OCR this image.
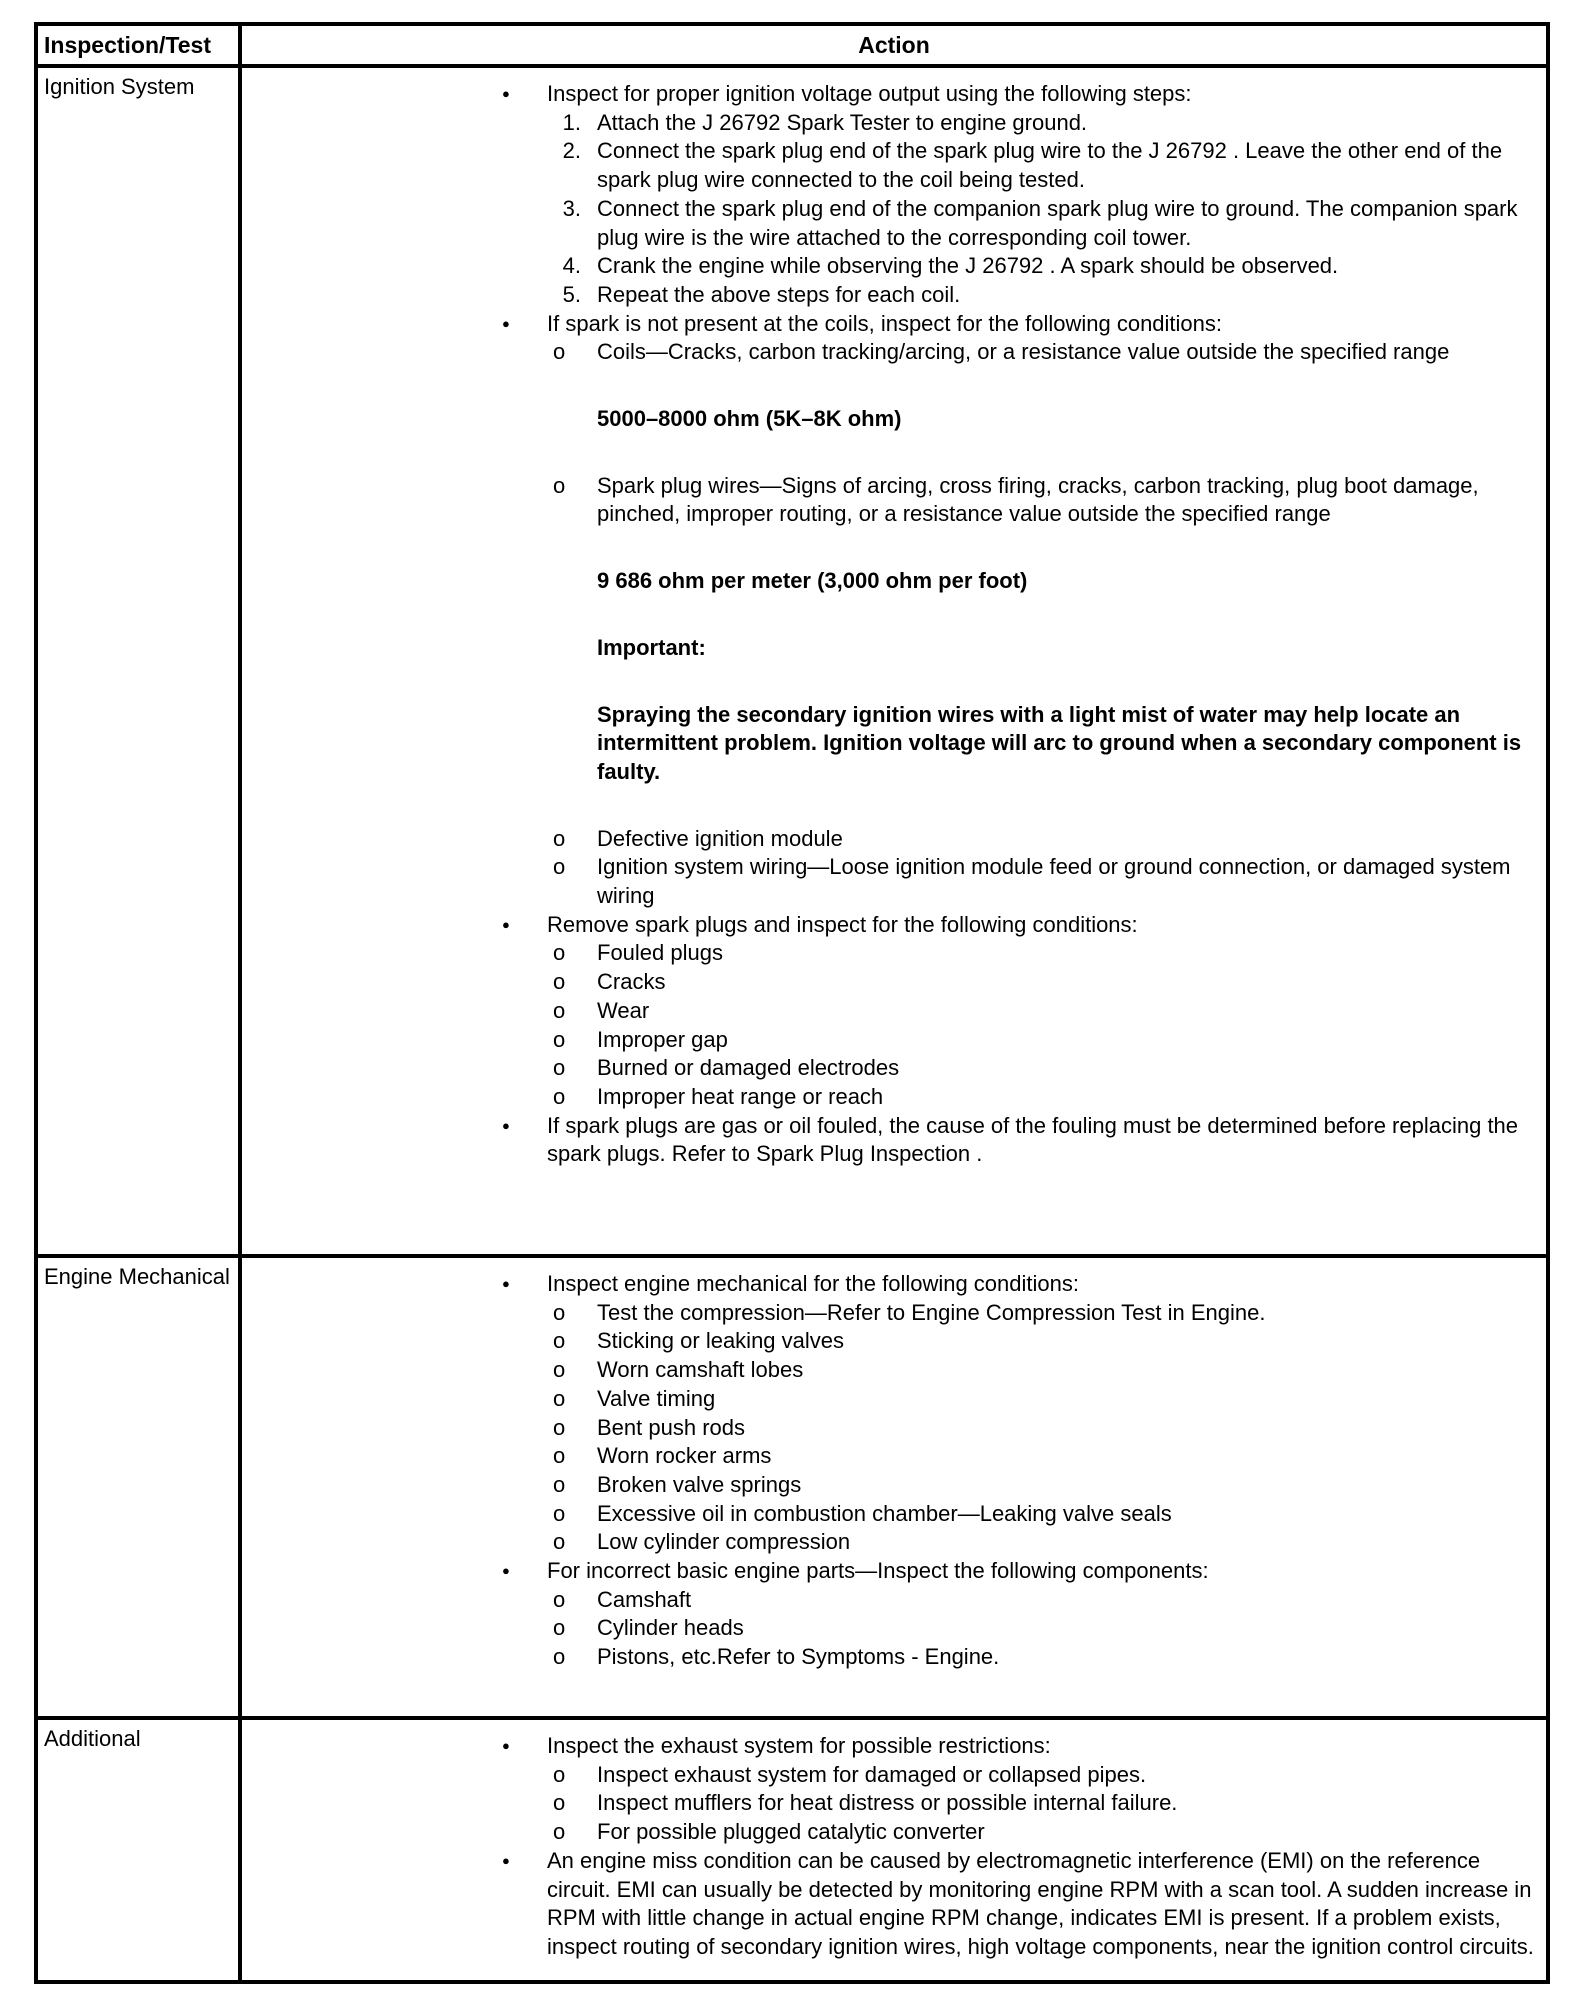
Inspection/Test	Action
Ignition System	● Inspect for proper ignition voltage output using the following steps:
1. Attach the J 26792 Spark Tester to engine ground.
2. Connect the spark plug end of the spark plug wire to the J 26792 . Leave the other end of the spark plug wire connected to the coil being tested.
3. Connect the spark plug end of the companion spark plug wire to ground. The companion spark plug wire is the wire attached to the corresponding coil tower.
4. Crank the engine while observing the J 26792 . A spark should be observed.
5. Repeat the above steps for each coil.
● If spark is not present at the coils, inspect for the following conditions:
o Coils—Cracks, carbon tracking/arcing, or a resistance value outside the specified range

5000–8000 ohm (5K–8K ohm)

o Spark plug wires—Signs of arcing, cross firing, cracks, carbon tracking, plug boot damage, pinched, improper routing, or a resistance value outside the specified range

9 686 ohm per meter (3,000 ohm per foot)

Important:

Spraying the secondary ignition wires with a light mist of water may help locate an intermittent problem. Ignition voltage will arc to ground when a secondary component is faulty.

o Defective ignition module
o Ignition system wiring—Loose ignition module feed or ground connection, or damaged system wiring
● Remove spark plugs and inspect for the following conditions:
o Fouled plugs
o Cracks
o Wear
o Improper gap
o Burned or damaged electrodes
o Improper heat range or reach
● If spark plugs are gas or oil fouled, the cause of the fouling must be determined before replacing the spark plugs. Refer to Spark Plug Inspection .
Engine Mechanical	● Inspect engine mechanical for the following conditions:
o Test the compression—Refer to Engine Compression Test in Engine.
o Sticking or leaking valves
o Worn camshaft lobes
o Valve timing
o Bent push rods
o Worn rocker arms
o Broken valve springs
o Excessive oil in combustion chamber—Leaking valve seals
o Low cylinder compression
● For incorrect basic engine parts—Inspect the following components:
o Camshaft
o Cylinder heads
o Pistons, etc.Refer to Symptoms - Engine.
Additional	● Inspect the exhaust system for possible restrictions:
o Inspect exhaust system for damaged or collapsed pipes.
o Inspect mufflers for heat distress or possible internal failure.
o For possible plugged catalytic converter
● An engine miss condition can be caused by electromagnetic interference (EMI) on the reference circuit. EMI can usually be detected by monitoring engine RPM with a scan tool. A sudden increase in RPM with little change in actual engine RPM change, indicates EMI is present. If a problem exists, inspect routing of secondary ignition wires, high voltage components, near the ignition control circuits.
